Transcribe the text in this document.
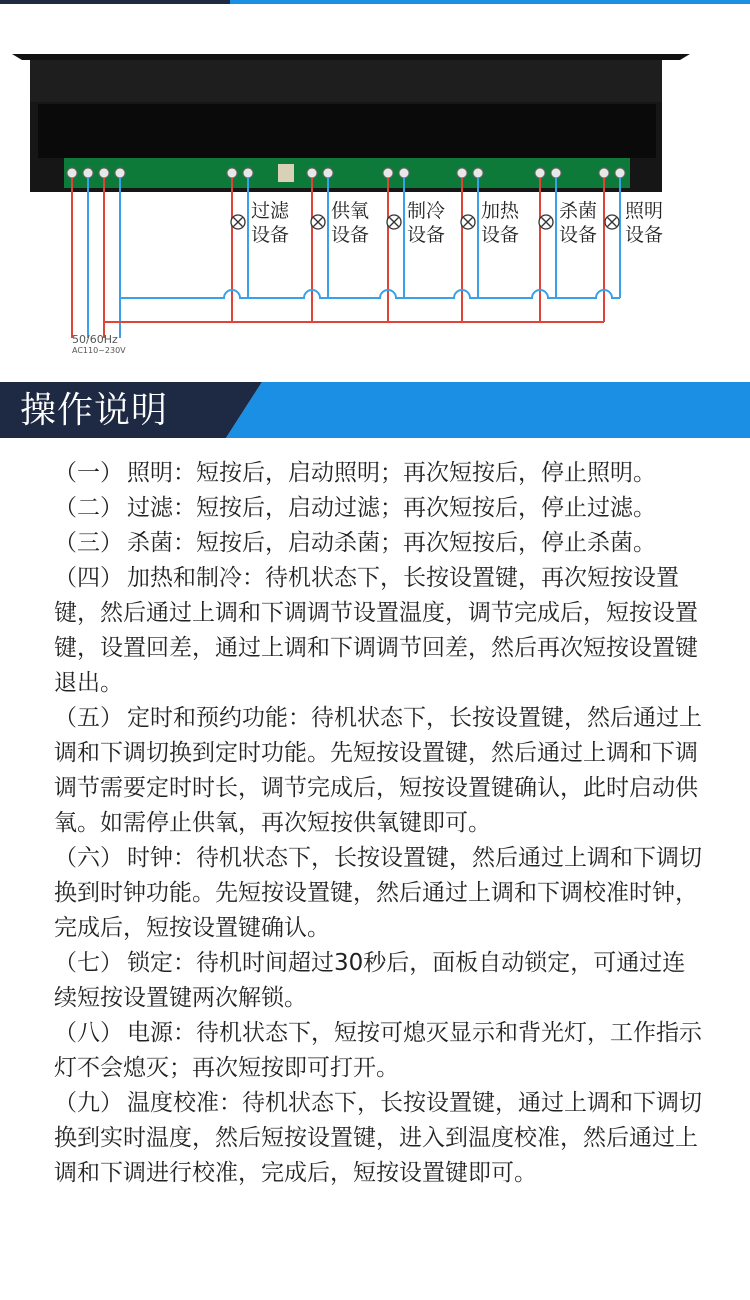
过滤
设备
供氧
设备
制冷
设备
加热
设备
杀菌
设备
照明
设备
50/60Hz
AC110~230V
操作说明

（一） 照明：短按后，启动照明；再次短按后，停止照明。

（二） 过滤：短按后，启动过滤；再次短按后，停止过滤。

（三） 杀菌：短按后，启动杀菌；再次短按后，停止杀菌。

（四） 加热和制冷：待机状态下，长按设置键，再次短按设置键，然后通过上调和下调调节设置温度，调节完成后，短按设置键，设置回差，通过上调和下调调节回差，然后再次短按设置键退出。

（五） 定时和预约功能：待机状态下，长按设置键，然后通过上调和下调切换到定时功能。先短按设置键，然后通过上调和下调调节需要定时时长，调节完成后，短按设置键确认，此时启动供氧。如需停止供氧，再次短按供氧键即可。

（六） 时钟：待机状态下，长按设置键，然后通过上调和下调切换到时钟功能。先短按设置键，然后通过上调和下调校准时钟，完成后，短按设置键确认。

（七） 锁定：待机时间超过30秒后，面板自动锁定，可通过连续短按设置键两次解锁。

（八） 电源：待机状态下，短按可熄灭显示和背光灯，工作指示灯不会熄灭；再次短按即可打开。

（九） 温度校准：待机状态下，长按设置键，通过上调和下调切换到实时温度，然后短按设置键，进入到温度校准，然后通过上调和下调进行校准，完成后，短按设置键即可。
